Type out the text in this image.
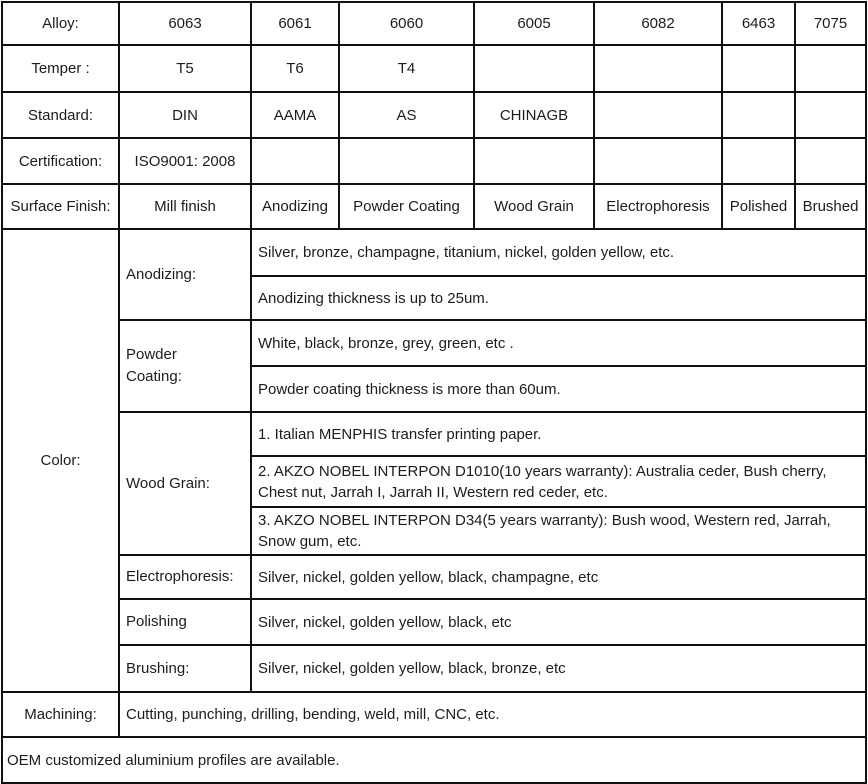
Alloy:	6063	6061	6060	6005	6082	6463	7075
Temper :	T5	T6	T4				
Standard:	DIN	AAMA	AS	CHINAGB			
Certification:	ISO9001: 2008						
Surface Finish:	Mill finish	Anodizing	Powder Coating	Wood Grain	Electrophoresis	Polished	Brushed
Color:	Anodizing:	Silver, bronze, champagne, titanium, nickel, golden yellow, etc.					
		Anodizing thickness is up to 25um.					
	Powder Coating:	White, black, bronze, grey, green, etc .					
		Powder coating thickness is more than 60um.					
	Wood Grain:	1. Italian MENPHIS transfer printing paper.					
		2. AKZO NOBEL INTERPON D1010(10 years warranty): Australia ceder, Bush cherry, Chest nut, Jarrah I, Jarrah II, Western red ceder, etc.					
		3. AKZO NOBEL INTERPON D34(5 years warranty): Bush wood, Western red, Jarrah, Snow gum, etc.					
	Electrophoresis:	Silver, nickel, golden yellow, black, champagne, etc					
	Polishing	Silver, nickel, golden yellow, black, etc					
	Brushing:	Silver, nickel, golden yellow, black, bronze, etc					
Machining:	Cutting, punching, drilling, bending, weld, mill, CNC, etc.						
OEM customized aluminium profiles are available.							
